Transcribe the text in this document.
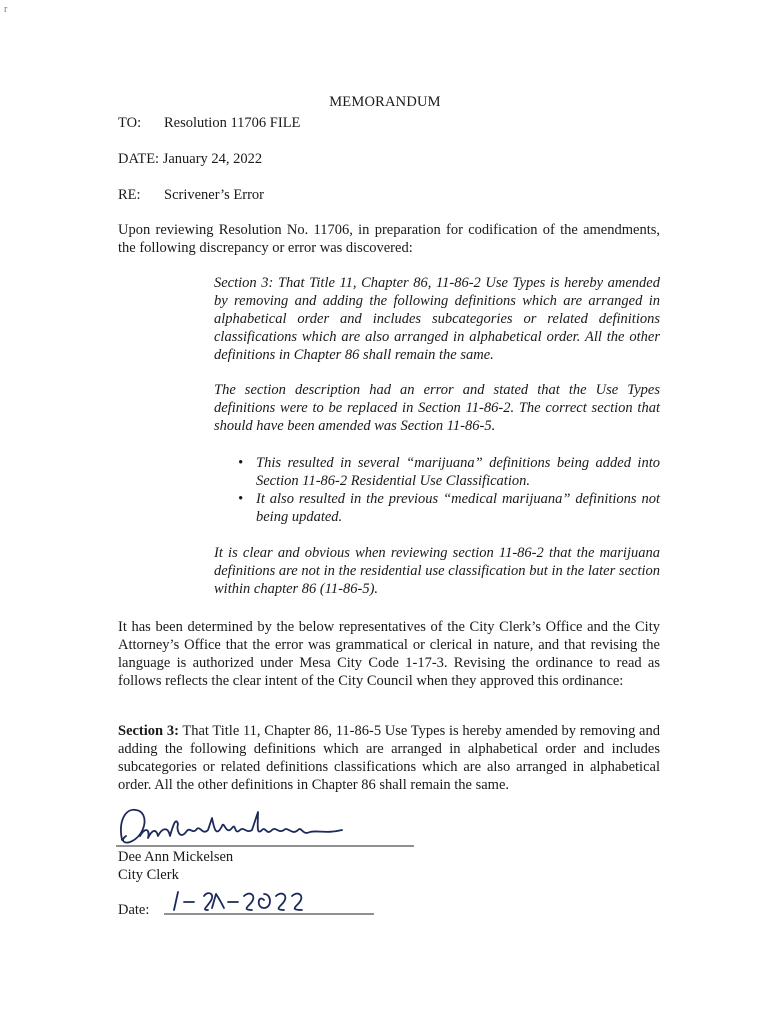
r
MEMORANDUM
TO: Resolution 11706 FILE
DATE: January 24, 2022
RE: Scrivener’s Error
Upon reviewing Resolution No. 11706, in preparation for codification of the amendments, the following discrepancy or error was discovered:
Section 3: That Title 11, Chapter 86, 11-86-2 Use Types is hereby amended by removing and adding the following definitions which are arranged in alphabetical order and includes subcategories or related definitions classifications which are also arranged in alphabetical order. All the other definitions in Chapter 86 shall remain the same.
The section description had an error and stated that the Use Types definitions were to be replaced in Section 11-86-2. The correct section that should have been amended was Section 11-86-5.
• This resulted in several “marijuana” definitions being added into Section 11-86-2 Residential Use Classification.
• It also resulted in the previous “medical marijuana” definitions not being updated.
It is clear and obvious when reviewing section 11-86-2 that the marijuana definitions are not in the residential use classification but in the later section within chapter 86 (11-86-5).
It has been determined by the below representatives of the City Clerk’s Office and the City Attorney’s Office that the error was grammatical or clerical in nature, and that revising the language is authorized under Mesa City Code 1-17-3. Revising the ordinance to read as follows reflects the clear intent of the City Council when they approved this ordinance:
Section 3: That Title 11, Chapter 86, 11-86-5 Use Types is hereby amended by removing and adding the following definitions which are arranged in alphabetical order and includes subcategories or related definitions classifications which are also arranged in alphabetical order. All the other definitions in Chapter 86 shall remain the same.
Dee Ann Mickelsen
City Clerk
Date:
